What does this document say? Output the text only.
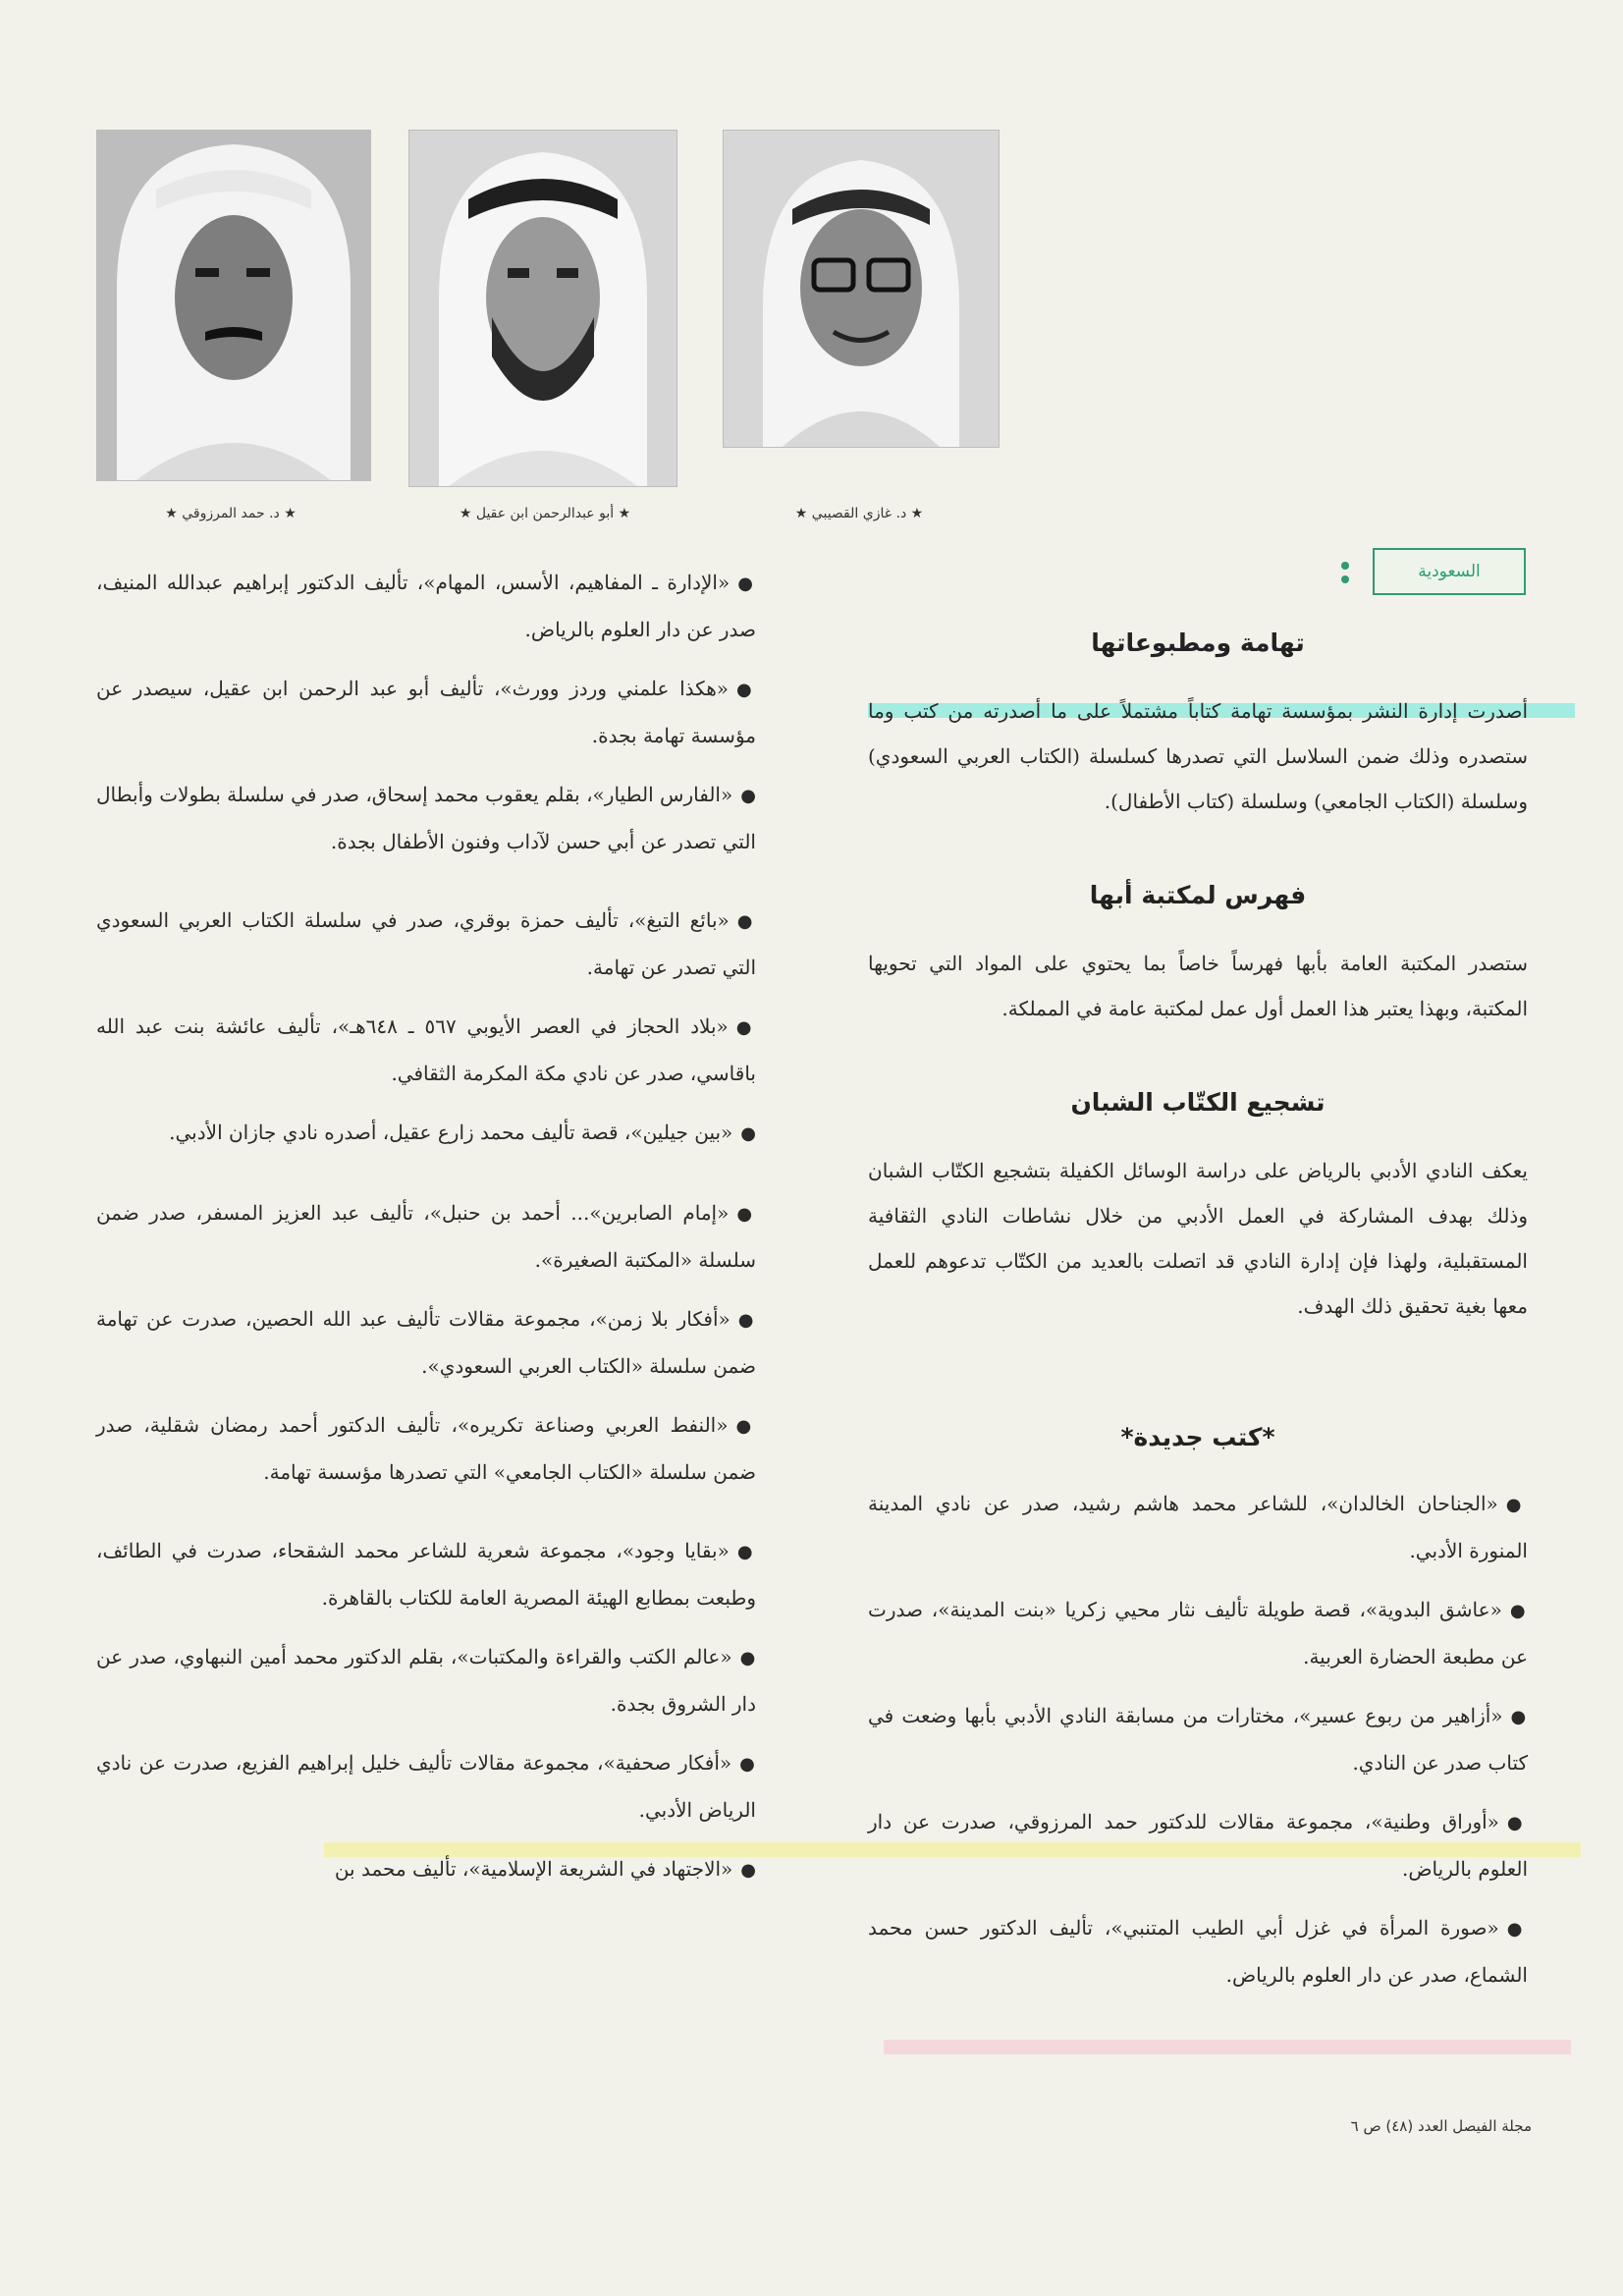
★ د. غازي القصيبي ★
★ أبو عبدالرحمن ابن عقيل ★
★ د. حمد المرزوقي ★
السعودية
تهامة ومطبوعاتها

أصدرت إدارة النشر بمؤسسة تهامة كتاباً مشتملاً على ما أصدرته من كتب وما ستصدره وذلك ضمن السلاسل التي تصدرها كسلسلة (الكتاب العربي السعودي) وسلسلة (الكتاب الجامعي) وسلسلة (كتاب الأطفال).

فهرس لمكتبة أبها

ستصدر المكتبة العامة بأبها فهرساً خاصاً بما يحتوي على المواد التي تحويها المكتبة، وبهذا يعتبر هذا العمل أول عمل لمكتبة عامة في المملكة.

تشجيع الكتّاب الشبان

يعكف النادي الأدبي بالرياض على دراسة الوسائل الكفيلة بتشجيع الكتّاب الشبان وذلك بهدف المشاركة في العمل الأدبي من خلال نشاطات النادي الثقافية المستقبلية، ولهذا فإن إدارة النادي قد اتصلت بالعديد من الكتّاب تدعوهم للعمل معها بغية تحقيق ذلك الهدف.

*كتب جديدة*

●«الجناحان الخالدان»، للشاعر محمد هاشم رشيد، صدر عن نادي المدينة المنورة الأدبي.

●«عاشق البدوية»، قصة طويلة تأليف نثار محيي زكريا «بنت المدينة»، صدرت عن مطبعة الحضارة العربية.

●«أزاهير من ربوع عسير»، مختارات من مسابقة النادي الأدبي بأبها وضعت في كتاب صدر عن النادي.

●«أوراق وطنية»، مجموعة مقالات للدكتور حمد المرزوقي، صدرت عن دار العلوم بالرياض.

●«صورة المرأة في غزل أبي الطيب المتنبي»، تأليف الدكتور حسن محمد الشماع، صدر عن دار العلوم بالرياض.

●«الإدارة ـ المفاهيم، الأسس، المهام»، تأليف الدكتور إبراهيم عبدالله المنيف، صدر عن دار العلوم بالرياض.

●«هكذا علمني وردز وورث»، تأليف أبو عبد الرحمن ابن عقيل، سيصدر عن مؤسسة تهامة بجدة.

●«الفارس الطيار»، بقلم يعقوب محمد إسحاق، صدر في سلسلة بطولات وأبطال التي تصدر عن أبي حسن لآداب وفنون الأطفال بجدة.

●«بائع التبغ»، تأليف حمزة بوقري، صدر في سلسلة الكتاب العربي السعودي التي تصدر عن تهامة.

●«بلاد الحجاز في العصر الأيوبي ٥٦٧ ـ ٦٤٨هـ»، تأليف عائشة بنت عبد الله باقاسي، صدر عن نادي مكة المكرمة الثقافي.

●«بين جيلين»، قصة تأليف محمد زارع عقيل، أصدره نادي جازان الأدبي.

●«إمام الصابرين»... أحمد بن حنبل»، تأليف عبد العزيز المسفر، صدر ضمن سلسلة «المكتبة الصغيرة».

●«أفكار بلا زمن»، مجموعة مقالات تأليف عبد الله الحصين، صدرت عن تهامة ضمن سلسلة «الكتاب العربي السعودي».

●«النفط العربي وصناعة تكريره»، تأليف الدكتور أحمد رمضان شقلية، صدر ضمن سلسلة «الكتاب الجامعي» التي تصدرها مؤسسة تهامة.

●«بقايا وجود»، مجموعة شعرية للشاعر محمد الشقحاء، صدرت في الطائف، وطبعت بمطابع الهيئة المصرية العامة للكتاب بالقاهرة.

●«عالم الكتب والقراءة والمكتبات»، بقلم الدكتور محمد أمين النبهاوي، صدر عن دار الشروق بجدة.

●«أفكار صحفية»، مجموعة مقالات تأليف خليل إبراهيم الفزيع، صدرت عن نادي الرياض الأدبي.

●«الاجتهاد في الشريعة الإسلامية»، تأليف محمد بن

مجلة الفيصل العدد (٤٨) ص ٦
